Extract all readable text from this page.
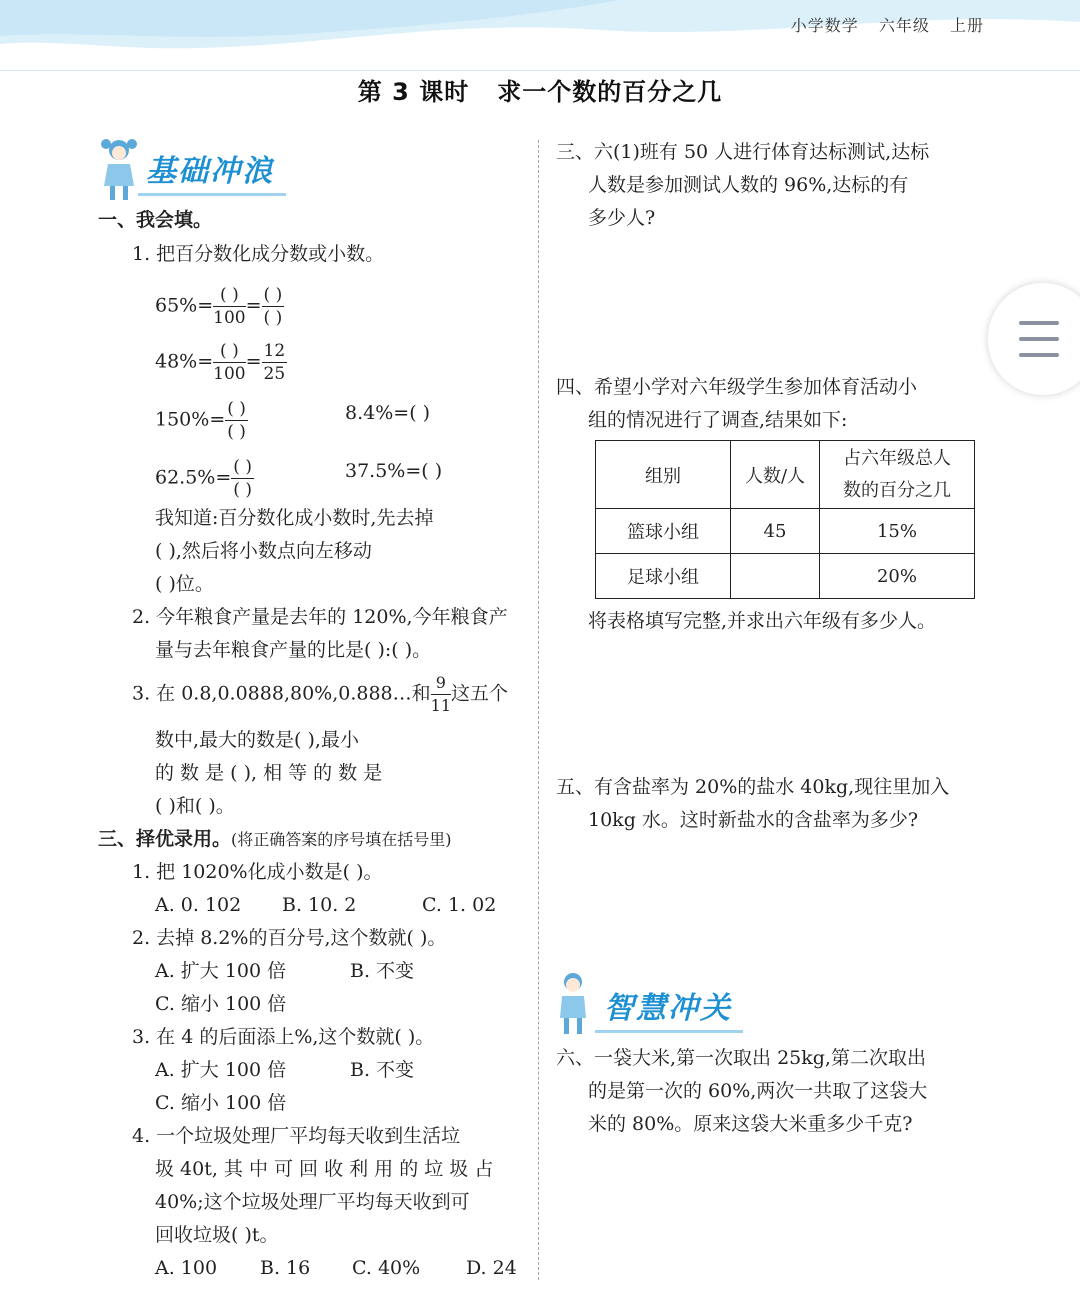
小学数学 六年级 上册
第 3 课时 求一个数的百分之几
基础冲浪
一、我会填。
1. 把百分数化成分数或小数。
$65\%= \frac{( )}{100} = \frac{( )}{( )}$
$48\%= \frac{( )}{100} = \frac{12}{25}$
$150\%= \frac{( )}{( )}$	8.4%=( )
$62.5\%= \frac{( )}{( )}$	37.5%=( )
我知道:百分数化成小数时,先去掉
( ),然后将小数点向左移动
( )位。
2. 今年粮食产量是去年的 120%,今年粮食产
量与去年粮食产量的比是( ):( )。
3. 在 0.8,0.0888,80%,0.888…和 $\frac{9}{11}$ 这五个
数中,最大的数是( ),最小
的 数 是 ( ), 相 等 的 数 是
( )和( )。
三、择优录用。(将正确答案的序号填在括号里)
1. 把 1020%化成小数是( )。
A. 0. 102 B. 10. 2	C. 1. 02
2. 去掉 8.2%的百分号,这个数就( )。
A. 扩大 100 倍	B. 不变
C. 缩小 100 倍
3. 在 4 的后面添上%,这个数就( )。
A. 扩大 100 倍	B. 不变
C. 缩小 100 倍
4. 一个垃圾处理厂平均每天收到生活垃
圾 40t, 其 中 可 回 收 利 用 的 垃 圾 占
40%;这个垃圾处理厂平均每天收到可
回收垃圾( )t。
A. 100 B. 16 C. 40% D. 24
三、六(1)班有 50 人进行体育达标测试,达标
人数是参加测试人数的 96%,达标的有
多少人?
四、希望小学对六年级学生参加体育活动小
组的情况进行了调查,结果如下:
组别	人数/人	占六年级总人
数的百分之几
篮球小组	45	15%
足球小组		20%
将表格填写完整,并求出六年级有多少人。
五、有含盐率为 20%的盐水 40kg,现往里加入
10kg 水。这时新盐水的含盐率为多少?
智慧冲关
六、一袋大米,第一次取出 25kg,第二次取出
的是第一次的 60%,两次一共取了这袋大
米的 80%。原来这袋大米重多少千克?
